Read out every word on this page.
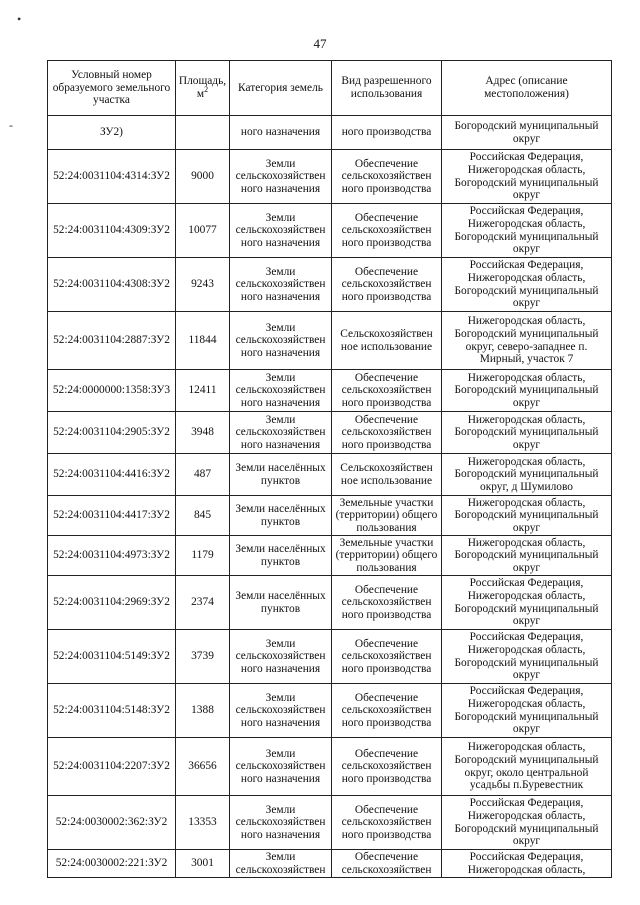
47
•
-
Условный номер образуемого земельного участка	Площадь, $м^2$	Категория земель	Вид разрешенного использования	Адрес (описание местоположения)
ЗУ2)		ного назначения	ного производства	Богородский муниципальный
округ
52:24:0031104:4314:ЗУ2	9000	Земли
сельскохозяйствен
ного назначения	Обеспечение
сельскохозяйствен
ного производства	Российская Федерация,
Нижегородская область,
Богородский муниципальный
округ
52:24:0031104:4309:ЗУ2	10077	Земли
сельскохозяйствен
ного назначения	Обеспечение
сельскохозяйствен
ного производства	Российская Федерация,
Нижегородская область,
Богородский муниципальный
округ
52:24:0031104:4308:ЗУ2	9243	Земли
сельскохозяйствен
ного назначения	Обеспечение
сельскохозяйствен
ного производства	Российская Федерация,
Нижегородская область,
Богородский муниципальный
округ
52:24:0031104:2887:ЗУ2	11844	Земли
сельскохозяйствен
ного назначения	Сельскохозяйствен
ное использование	Нижегородская область,
Богородский муниципальный
округ, северо-западнее п.
Мирный, участок 7
52:24:0000000:1358:ЗУ3	12411	Земли
сельскохозяйствен
ного назначения	Обеспечение
сельскохозяйствен
ного производства	Нижегородская область,
Богородский муниципальный
округ
52:24:0031104:2905:ЗУ2	3948	Земли
сельскохозяйствен
ного назначения	Обеспечение
сельскохозяйствен
ного производства	Нижегородская область,
Богородский муниципальный
округ
52:24:0031104:4416:ЗУ2	487	Земли населённых
пунктов	Сельскохозяйствен
ное использование	Нижегородская область,
Богородский муниципальный
округ, д Шумилово
52:24:0031104:4417:ЗУ2	845	Земли населённых
пунктов	Земельные участки
(территории) общего
пользования	Нижегородская область,
Богородский муниципальный
округ
52:24:0031104:4973:ЗУ2	1179	Земли населённых
пунктов	Земельные участки
(территории) общего
пользования	Нижегородская область,
Богородский муниципальный
округ
52:24:0031104:2969:ЗУ2	2374	Земли населённых
пунктов	Обеспечение
сельскохозяйствен
ного производства	Российская Федерация,
Нижегородская область,
Богородский муниципальный
округ
52:24:0031104:5149:ЗУ2	3739	Земли
сельскохозяйствен
ного назначения	Обеспечение
сельскохозяйствен
ного производства	Российская Федерация,
Нижегородская область,
Богородский муниципальный
округ
52:24:0031104:5148:ЗУ2	1388	Земли
сельскохозяйствен
ного назначения	Обеспечение
сельскохозяйствен
ного производства	Российская Федерация,
Нижегородская область,
Богородский муниципальный
округ
52:24:0031104:2207:ЗУ2	36656	Земли
сельскохозяйствен
ного назначения	Обеспечение
сельскохозяйствен
ного производства	Нижегородская область,
Богородский муниципальный
округ, около центральной
усадьбы п.Буревестник
52:24:0030002:362:ЗУ2	13353	Земли
сельскохозяйствен
ного назначения	Обеспечение
сельскохозяйствен
ного производства	Российская Федерация,
Нижегородская область,
Богородский муниципальный
округ
52:24:0030002:221:ЗУ2	3001	Земли
сельскохозяйствен	Обеспечение
сельскохозяйствен	Российская Федерация,
Нижегородская область,
